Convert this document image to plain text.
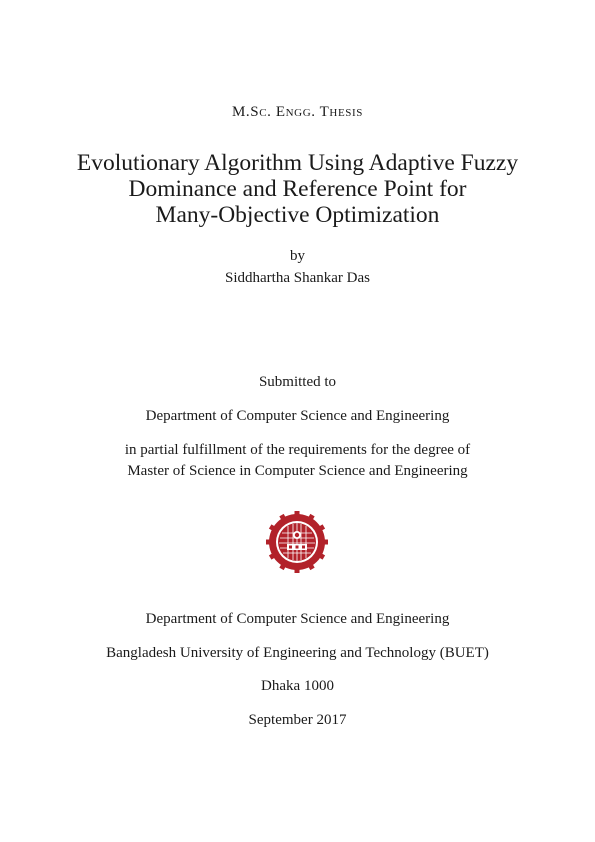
M.Sc. Engg. Thesis
Evolutionary Algorithm Using Adaptive Fuzzy
Dominance and Reference Point for
Many-Objective Optimization
by
Siddhartha Shankar Das
Submitted to
Department of Computer Science and Engineering
in partial fulfillment of the requirements for the degree of
Master of Science in Computer Science and Engineering
Department of Computer Science and Engineering
Bangladesh University of Engineering and Technology (BUET)
Dhaka 1000
September 2017
